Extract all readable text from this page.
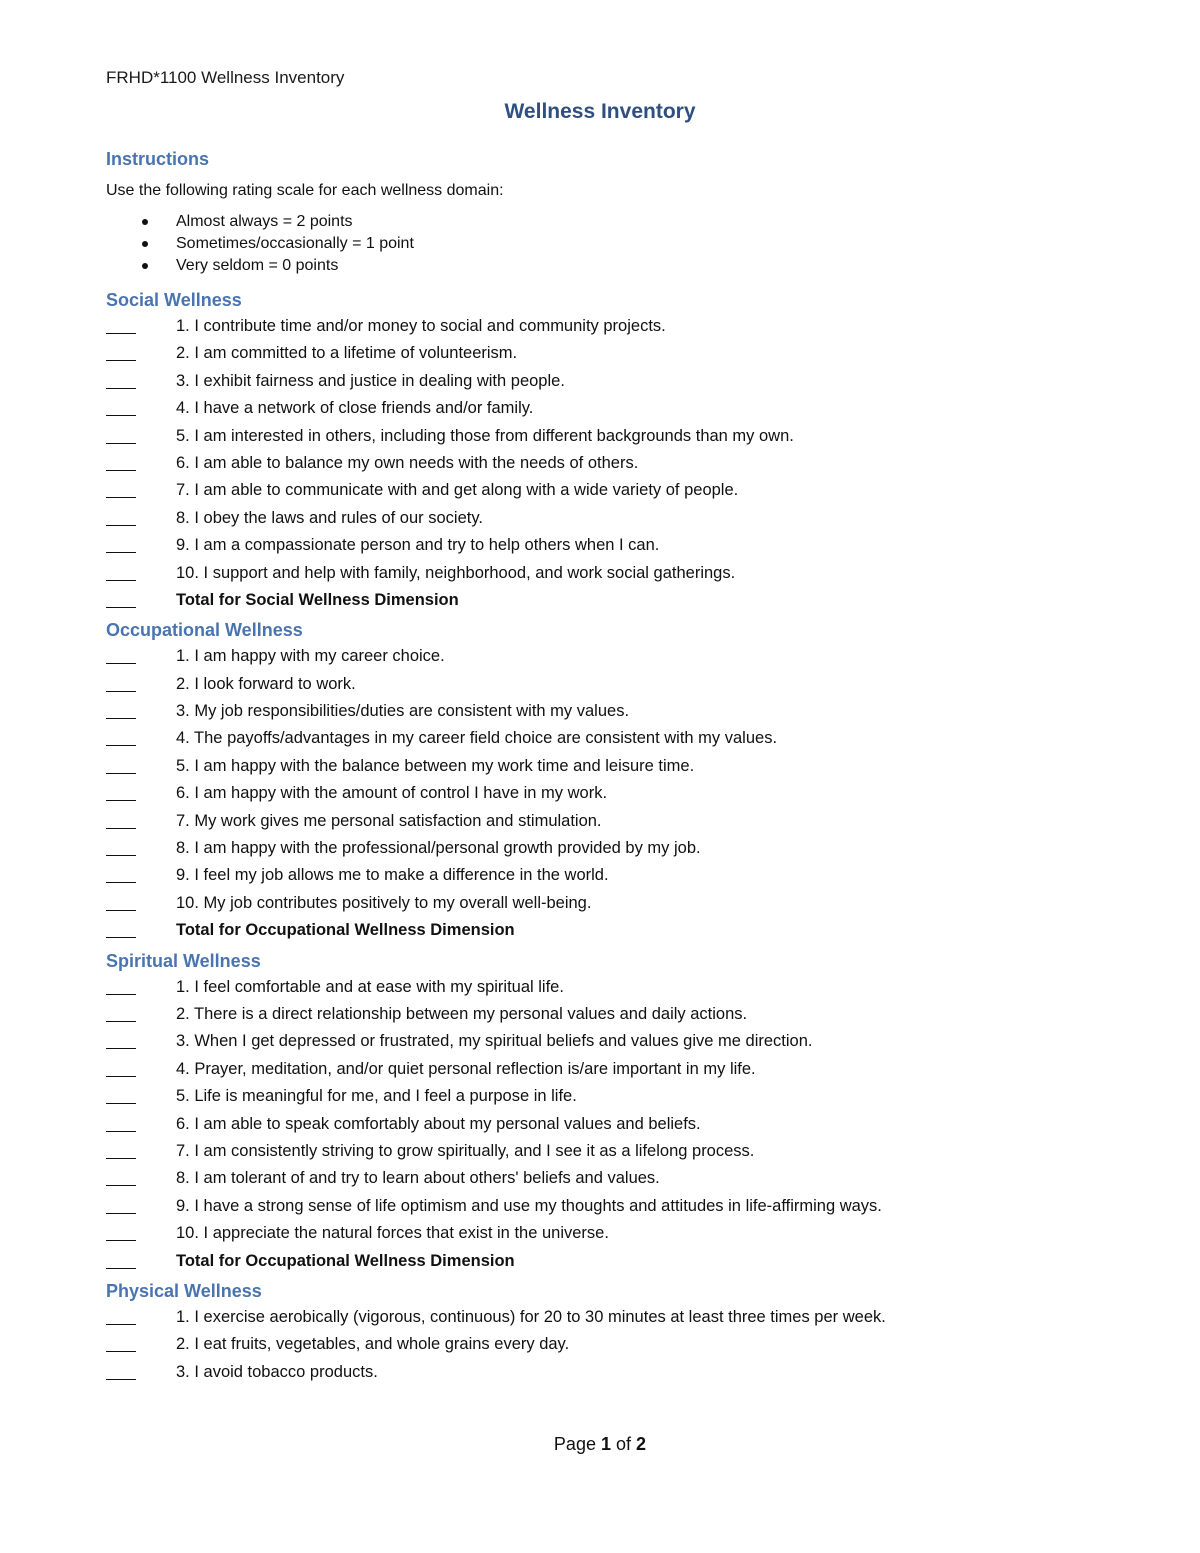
FRHD*1100 Wellness Inventory
Wellness Inventory
Instructions
Use the following rating scale for each wellness domain:
Almost always = 2 points
Sometimes/occasionally = 1 point
Very seldom = 0 points
Social Wellness
1. I contribute time and/or money to social and community projects.
2. I am committed to a lifetime of volunteerism.
3. I exhibit fairness and justice in dealing with people.
4. I have a network of close friends and/or family.
5. I am interested in others, including those from different backgrounds than my own.
6. I am able to balance my own needs with the needs of others.
7. I am able to communicate with and get along with a wide variety of people.
8. I obey the laws and rules of our society.
9. I am a compassionate person and try to help others when I can.
10. I support and help with family, neighborhood, and work social gatherings.
Total for Social Wellness Dimension
Occupational Wellness
1. I am happy with my career choice.
2. I look forward to work.
3. My job responsibilities/duties are consistent with my values.
4. The payoffs/advantages in my career field choice are consistent with my values.
5. I am happy with the balance between my work time and leisure time.
6. I am happy with the amount of control I have in my work.
7. My work gives me personal satisfaction and stimulation.
8. I am happy with the professional/personal growth provided by my job.
9. I feel my job allows me to make a difference in the world.
10. My job contributes positively to my overall well-being.
Total for Occupational Wellness Dimension
Spiritual Wellness
1. I feel comfortable and at ease with my spiritual life.
2. There is a direct relationship between my personal values and daily actions.
3. When I get depressed or frustrated, my spiritual beliefs and values give me direction.
4. Prayer, meditation, and/or quiet personal reflection is/are important in my life.
5. Life is meaningful for me, and I feel a purpose in life.
6. I am able to speak comfortably about my personal values and beliefs.
7. I am consistently striving to grow spiritually, and I see it as a lifelong process.
8. I am tolerant of and try to learn about others' beliefs and values.
9. I have a strong sense of life optimism and use my thoughts and attitudes in life-affirming ways.
10. I appreciate the natural forces that exist in the universe.
Total for Occupational Wellness Dimension
Physical Wellness
1. I exercise aerobically (vigorous, continuous) for 20 to 30 minutes at least three times per week.
2. I eat fruits, vegetables, and whole grains every day.
3. I avoid tobacco products.
Page 1 of 2
